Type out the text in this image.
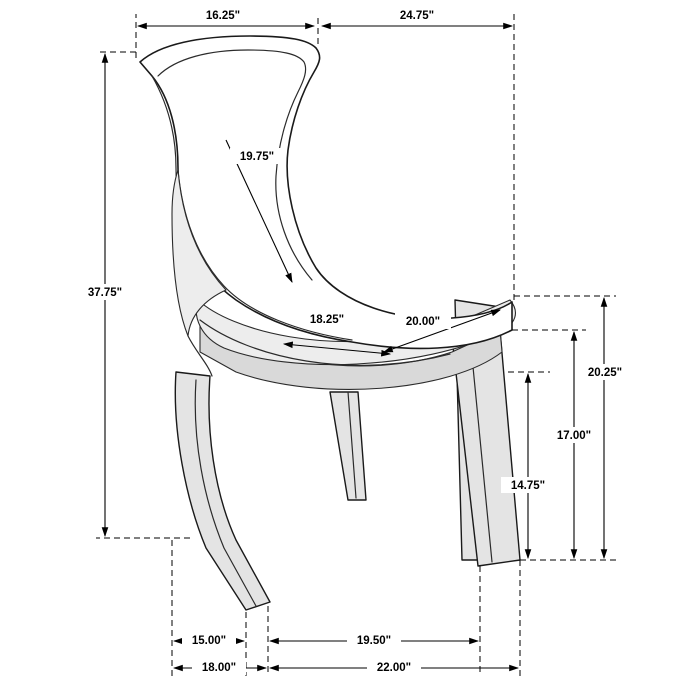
16.25"	24.75"
19.75"
37.75"
18.25"	20.00"
20.25"
17.00"
14.75"
15.00"
18.00"
19.50"
22.00"
